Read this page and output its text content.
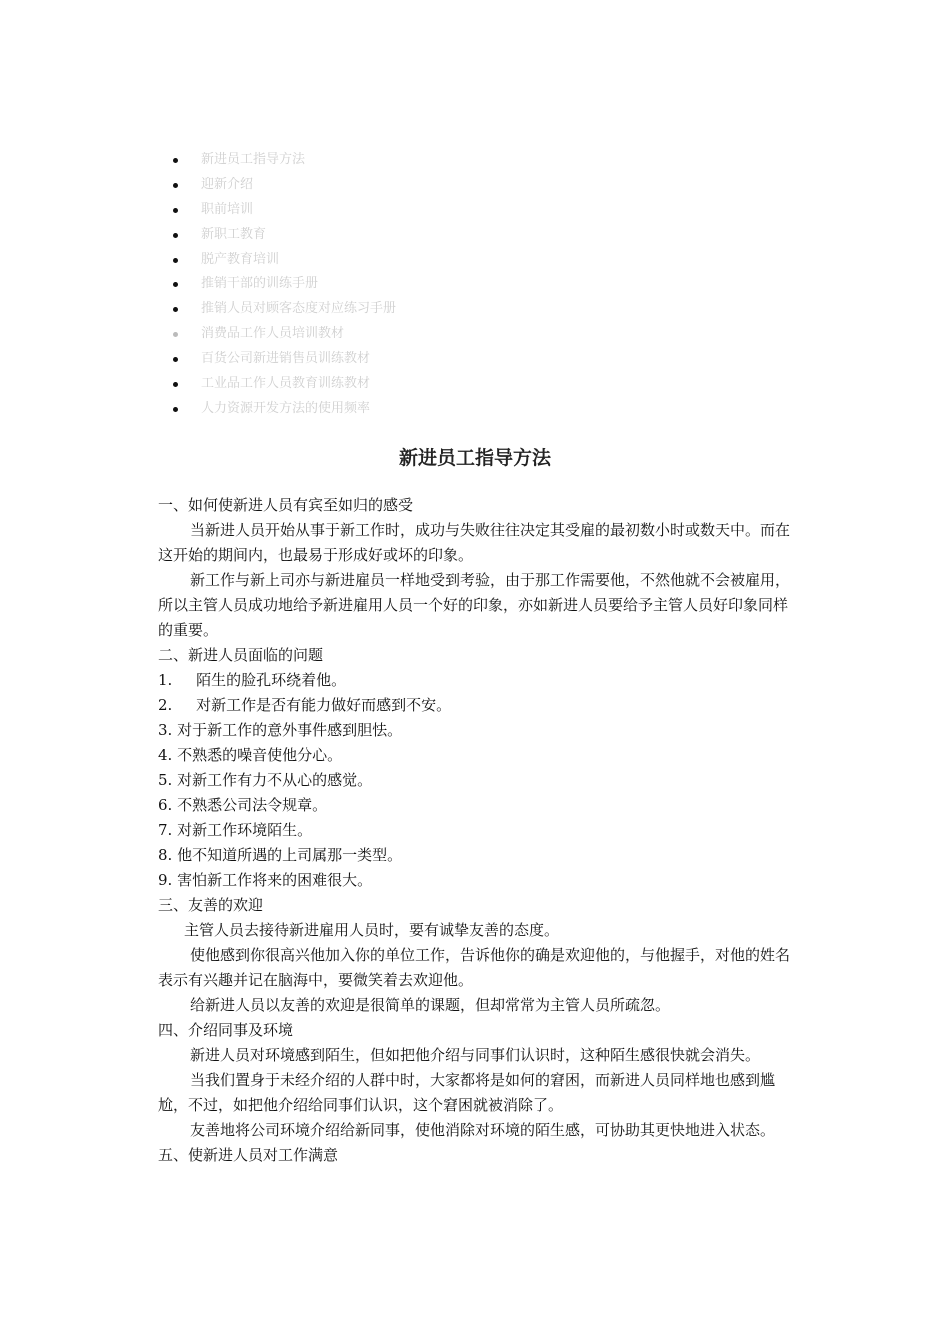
新进员工指导方法
迎新介绍
职前培训
新职工教育
脱产教育培训
推销干部的训练手册
推销人员对顾客态度对应练习手册
消费品工作人员培训教材
百货公司新进销售员训练教材
工业品工作人员教育训练教材
人力资源开发方法的使用频率
新进员工指导方法

一、如何使新进人员有宾至如归的感受

当新进人员开始从事于新工作时，成功与失败往往决定其受雇的最初数小时或数天中。而在这开始的期间内，也最易于形成好或坏的印象。

新工作与新上司亦与新进雇员一样地受到考验，由于那工作需要他，不然他就不会被雇用，所以主管人员成功地给予新进雇用人员一个好的印象，亦如新进人员要给予主管人员好印象同样的重要。

二、新进人员面临的问题

1.     陌生的脸孔环绕着他。

2.     对新工作是否有能力做好而感到不安。

3. 对于新工作的意外事件感到胆怯。

4. 不熟悉的噪音使他分心。

5. 对新工作有力不从心的感觉。

6. 不熟悉公司法令规章。

7. 对新工作环境陌生。

8. 他不知道所遇的上司属那一类型。

9. 害怕新工作将来的困难很大。

三、友善的欢迎

主管人员去接待新进雇用人员时，要有诚挚友善的态度。

使他感到你很高兴他加入你的单位工作，告诉他你的确是欢迎他的，与他握手，对他的姓名表示有兴趣并记在脑海中，要微笑着去欢迎他。

给新进人员以友善的欢迎是很简单的课题，但却常常为主管人员所疏忽。

四、介绍同事及环境

新进人员对环境感到陌生，但如把他介绍与同事们认识时，这种陌生感很快就会消失。

当我们置身于未经介绍的人群中时，大家都将是如何的窘困，而新进人员同样地也感到尴尬，不过，如把他介绍给同事们认识，这个窘困就被消除了。

友善地将公司环境介绍给新同事，使他消除对环境的陌生感，可协助其更快地进入状态。

五、使新进人员对工作满意
